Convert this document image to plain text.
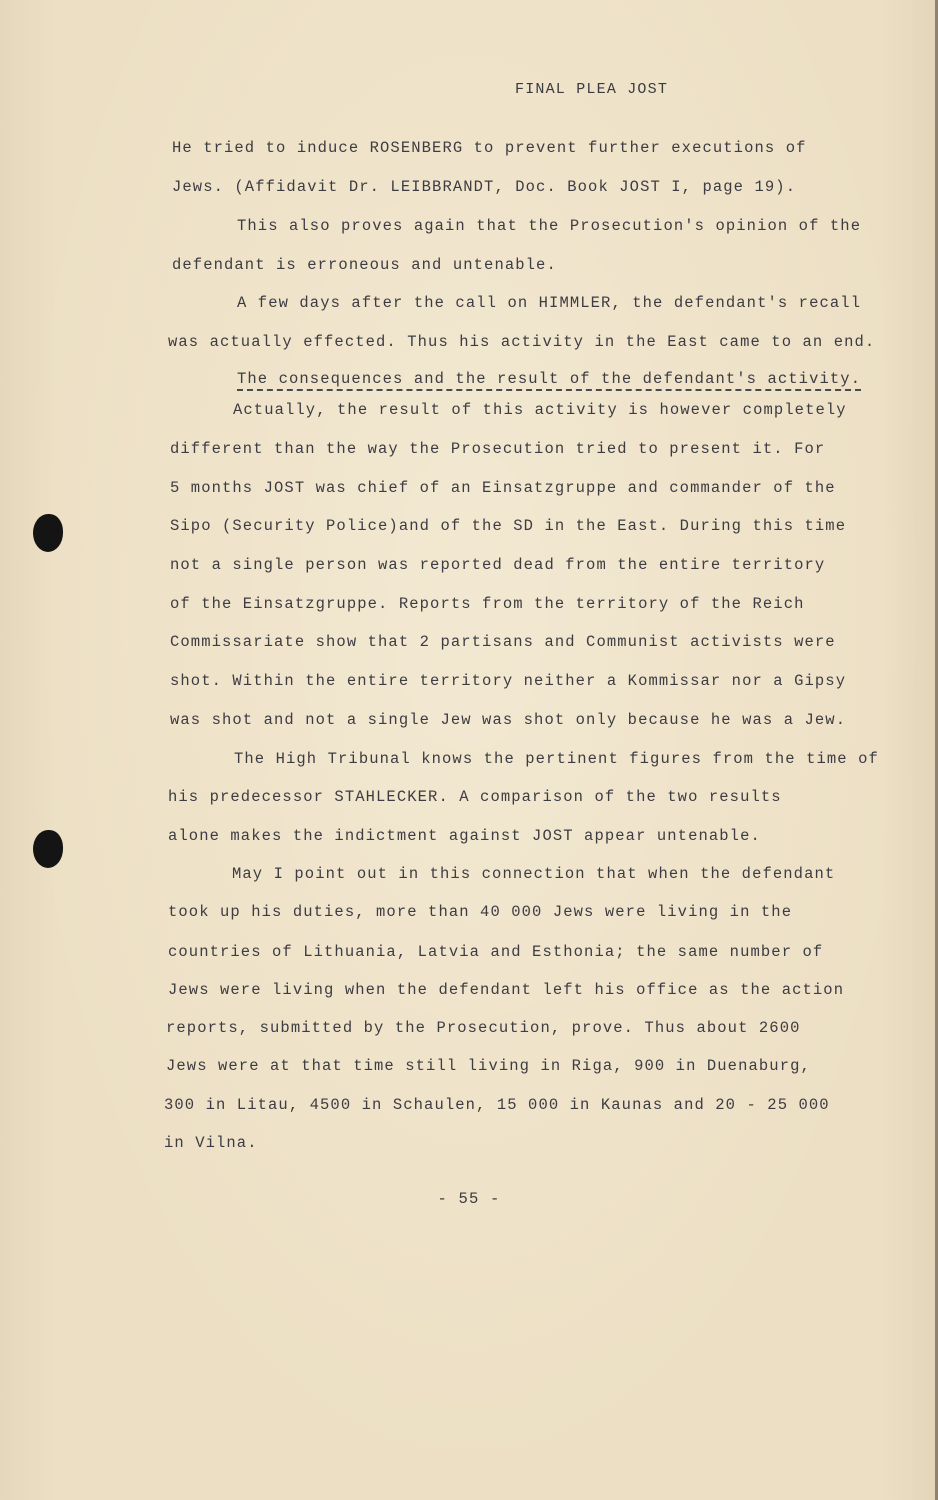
FINAL PLEA JOST
He tried to induce ROSENBERG to prevent further executions of
Jews. (Affidavit Dr. LEIBBRANDT, Doc. Book JOST I, page 19).
This also proves again that the Prosecution's opinion of the
defendant is erroneous and untenable.
A few days after the call on HIMMLER, the defendant's recall
was actually effected. Thus his activity in the East came to an end.
The consequences and the result of the defendant's activity.
Actually, the result of this activity is however completely
different than the way the Prosecution tried to present it. For
5 months JOST was chief of an Einsatzgruppe and commander of the
Sipo (Security Police)and of the SD in the East. During this time
not a single person was reported dead from the entire territory
of the Einsatzgruppe. Reports from the territory of the Reich
Commissariate show that 2 partisans and Communist activists were
shot. Within the entire territory neither a Kommissar nor a Gipsy
was shot and not a single Jew was shot only because he was a Jew.
The High Tribunal knows the pertinent figures from the time of
his predecessor STAHLECKER. A comparison of the two results
alone makes the indictment against JOST appear untenable.
May I point out in this connection that when the defendant
took up his duties, more than 40 000 Jews were living in the
countries of Lithuania, Latvia and Esthonia; the same number of
Jews were living when the defendant left his office as the action
reports, submitted by the Prosecution, prove. Thus about 2600
Jews were at that time still living in Riga, 900 in Duenaburg,
300 in Litau, 4500 in Schaulen, 15 000 in Kaunas and 20 - 25 000
in Vilna.
- 55 -
